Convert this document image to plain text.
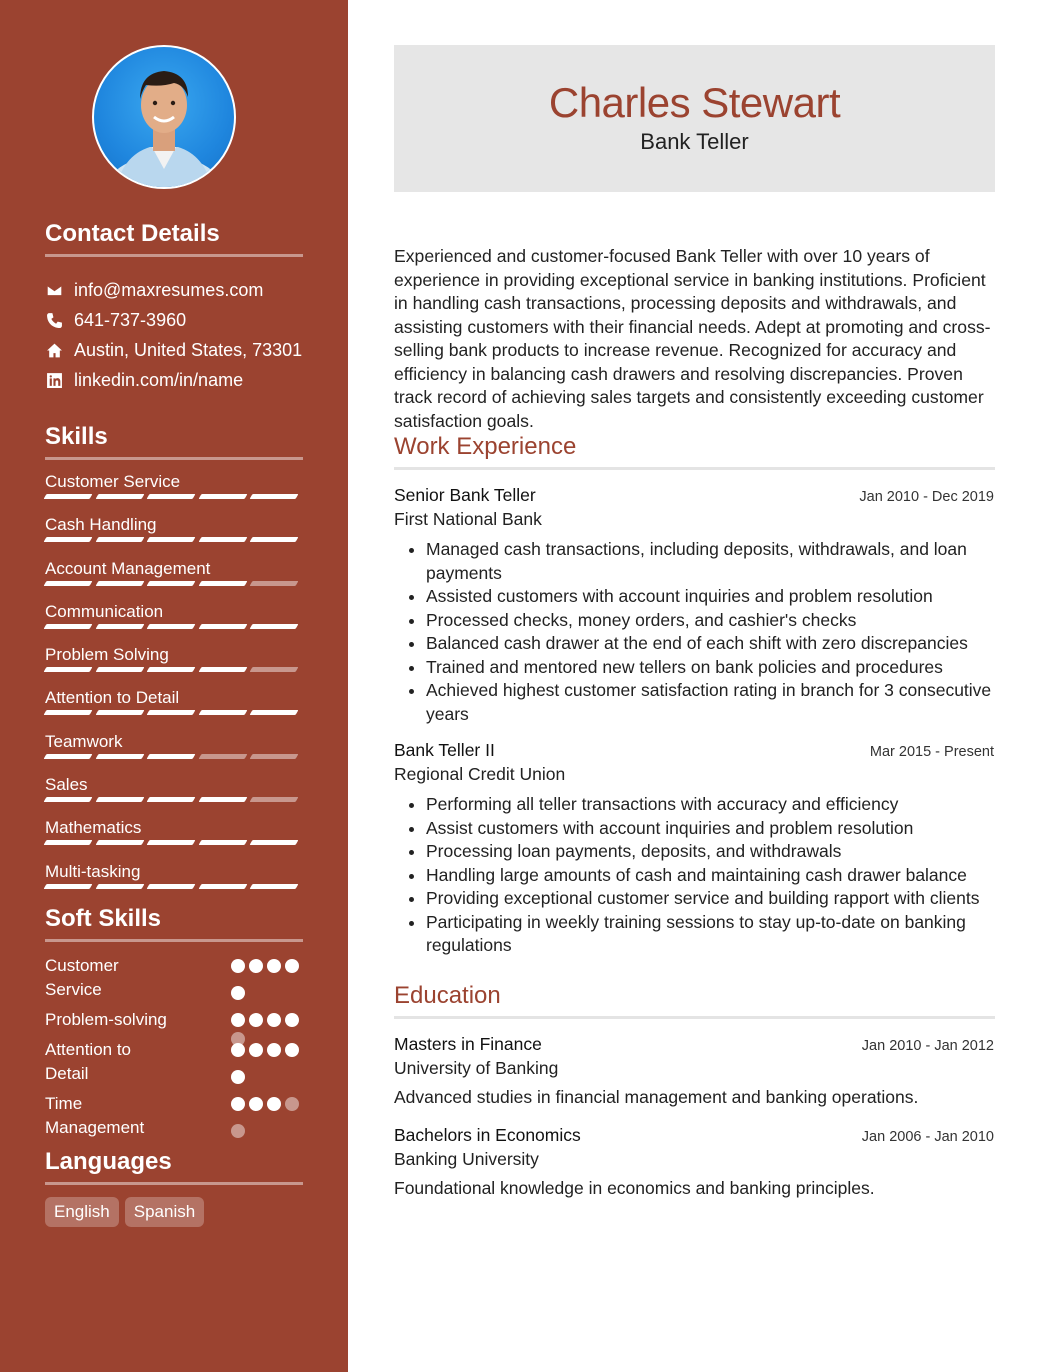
Contact Details
info@maxresumes.com
641-737-3960
Austin, United States, 73301
linkedin.com/in/name
Skills
Customer Service
Cash Handling
Account Management
Communication
Problem Solving
Attention to Detail
Teamwork
Sales
Mathematics
Multi-tasking
Soft Skills
Customer Service
Problem-solving
Attention to Detail
Time Management
Languages
English	Spanish
Charles Stewart
Bank Teller
Experienced and customer-focused Bank Teller with over 10 years of experience in providing exceptional service in banking institutions. Proficient in handling cash transactions, processing deposits and withdrawals, and assisting customers with their financial needs. Adept at promoting and cross-selling bank products to increase revenue. Recognized for accuracy and efficiency in balancing cash drawers and resolving discrepancies. Proven track record of achieving sales targets and consistently exceeding customer satisfaction goals.
Work Experience
Senior Bank Teller	Jan 2010 - Dec 2019
First National Bank
• Managed cash transactions, including deposits, withdrawals, and loan payments
• Assisted customers with account inquiries and problem resolution
• Processed checks, money orders, and cashier's checks
• Balanced cash drawer at the end of each shift with zero discrepancies
• Trained and mentored new tellers on bank policies and procedures
• Achieved highest customer satisfaction rating in branch for 3 consecutive years
Bank Teller II	Mar 2015 - Present
Regional Credit Union
• Performing all teller transactions with accuracy and efficiency
• Assist customers with account inquiries and problem resolution
• Processing loan payments, deposits, and withdrawals
• Handling large amounts of cash and maintaining cash drawer balance
• Providing exceptional customer service and building rapport with clients
• Participating in weekly training sessions to stay up-to-date on banking regulations
Education
Masters in Finance	Jan 2010 - Jan 2012
University of Banking
Advanced studies in financial management and banking operations.
Bachelors in Economics	Jan 2006 - Jan 2010
Banking University
Foundational knowledge in economics and banking principles.
